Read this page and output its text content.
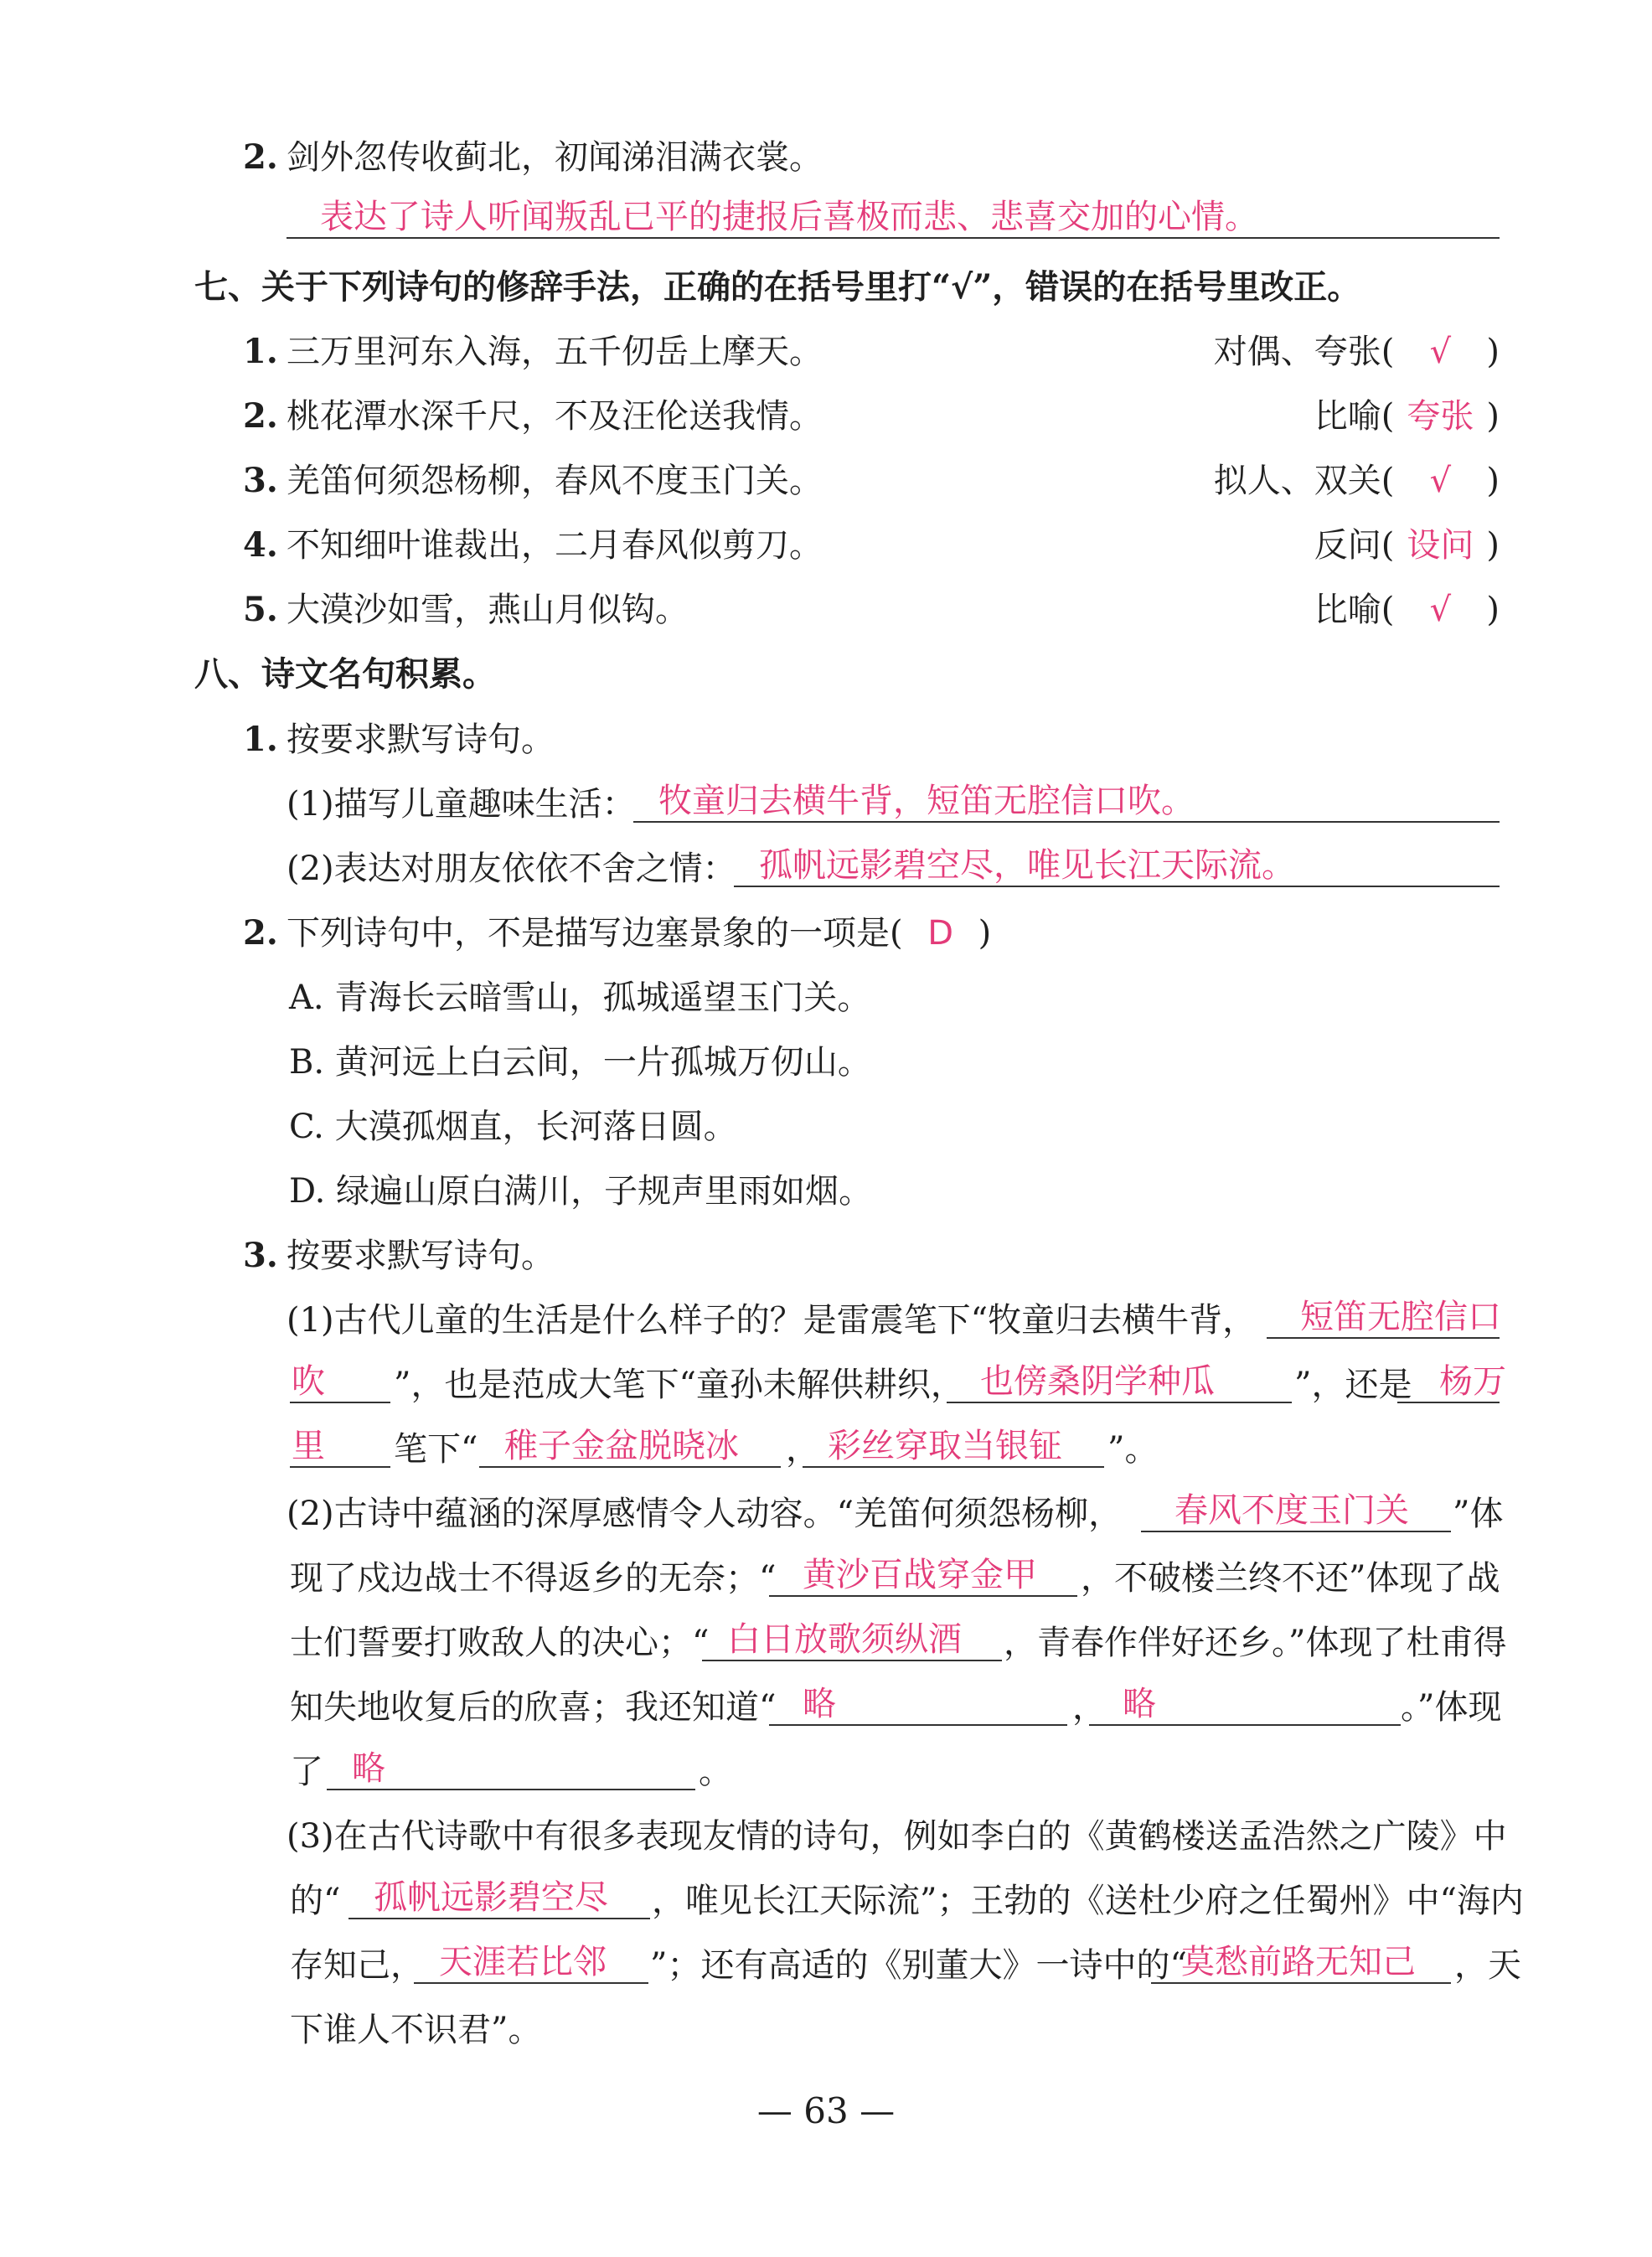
2. 剑外忽传收蓟北，初闻涕泪满衣裳。
表达了诗人听闻叛乱已平的捷报后喜极而悲、悲喜交加的心情。
七、关于下列诗句的修辞手法，正确的在括号里打“√”，错误的在括号里改正。
1. 三万里河东入海，五千仞岳上摩天。	对偶、夸张( √ )
2. 桃花潭水深千尺，不及汪伦送我情。	比喻( 夸张 )
3. 羌笛何须怨杨柳，春风不度玉门关。	拟人、双关( √ )
4. 不知细叶谁裁出，二月春风似剪刀。	反问( 设问 )
5. 大漠沙如雪，燕山月似钩。	比喻( √ )
八、诗文名句积累。
1. 按要求默写诗句。
(1)描写儿童趣味生活： 牧童归去横牛背，短笛无腔信口吹。
(2)表达对朋友依依不舍之情： 孤帆远影碧空尽，唯见长江天际流。
2. 下列诗句中，不是描写边塞景象的一项是( D )
A. 青海长云暗雪山，孤城遥望玉门关。
B. 黄河远上白云间，一片孤城万仞山。
C. 大漠孤烟直，长河落日圆。
D. 绿遍山原白满川，子规声里雨如烟。
3. 按要求默写诗句。
(1)古代儿童的生活是什么样子的？是雷震笔下“牧童归去横牛背，	短笛无腔信口
吹	”，也是范成大笔下“童孙未解供耕织， 也傍桑阴学种瓜	”，还是 杨万
里	笔下“ 稚子金盆脱晓冰	， 彩丝穿取当银钲	”。
(2)古诗中蕴涵的深厚感情令人动容。“羌笛何须怨杨柳，	春风不度玉门关	”体
现了戍边战士不得返乡的无奈；“ 黄沙百战穿金甲	，不破楼兰终不还”体现了战
士们誓要打败敌人的决心；“ 白日放歌须纵酒	，青春作伴好还乡。”体现了杜甫得
知失地收复后的欣喜；我还知道“ 略	， 略	。”体现
了 略	。
(3)在古代诗歌中有很多表现友情的诗句，例如李白的《黄鹤楼送孟浩然之广陵》中
的“ 孤帆远影碧空尽	，唯见长江天际流”；王勃的《送杜少府之任蜀州》中“海内
存知己， 天涯若比邻	”；还有高适的《别董大》一诗中的“
莫愁前路无知己	，天
下谁人不识君”。
— 63 —
